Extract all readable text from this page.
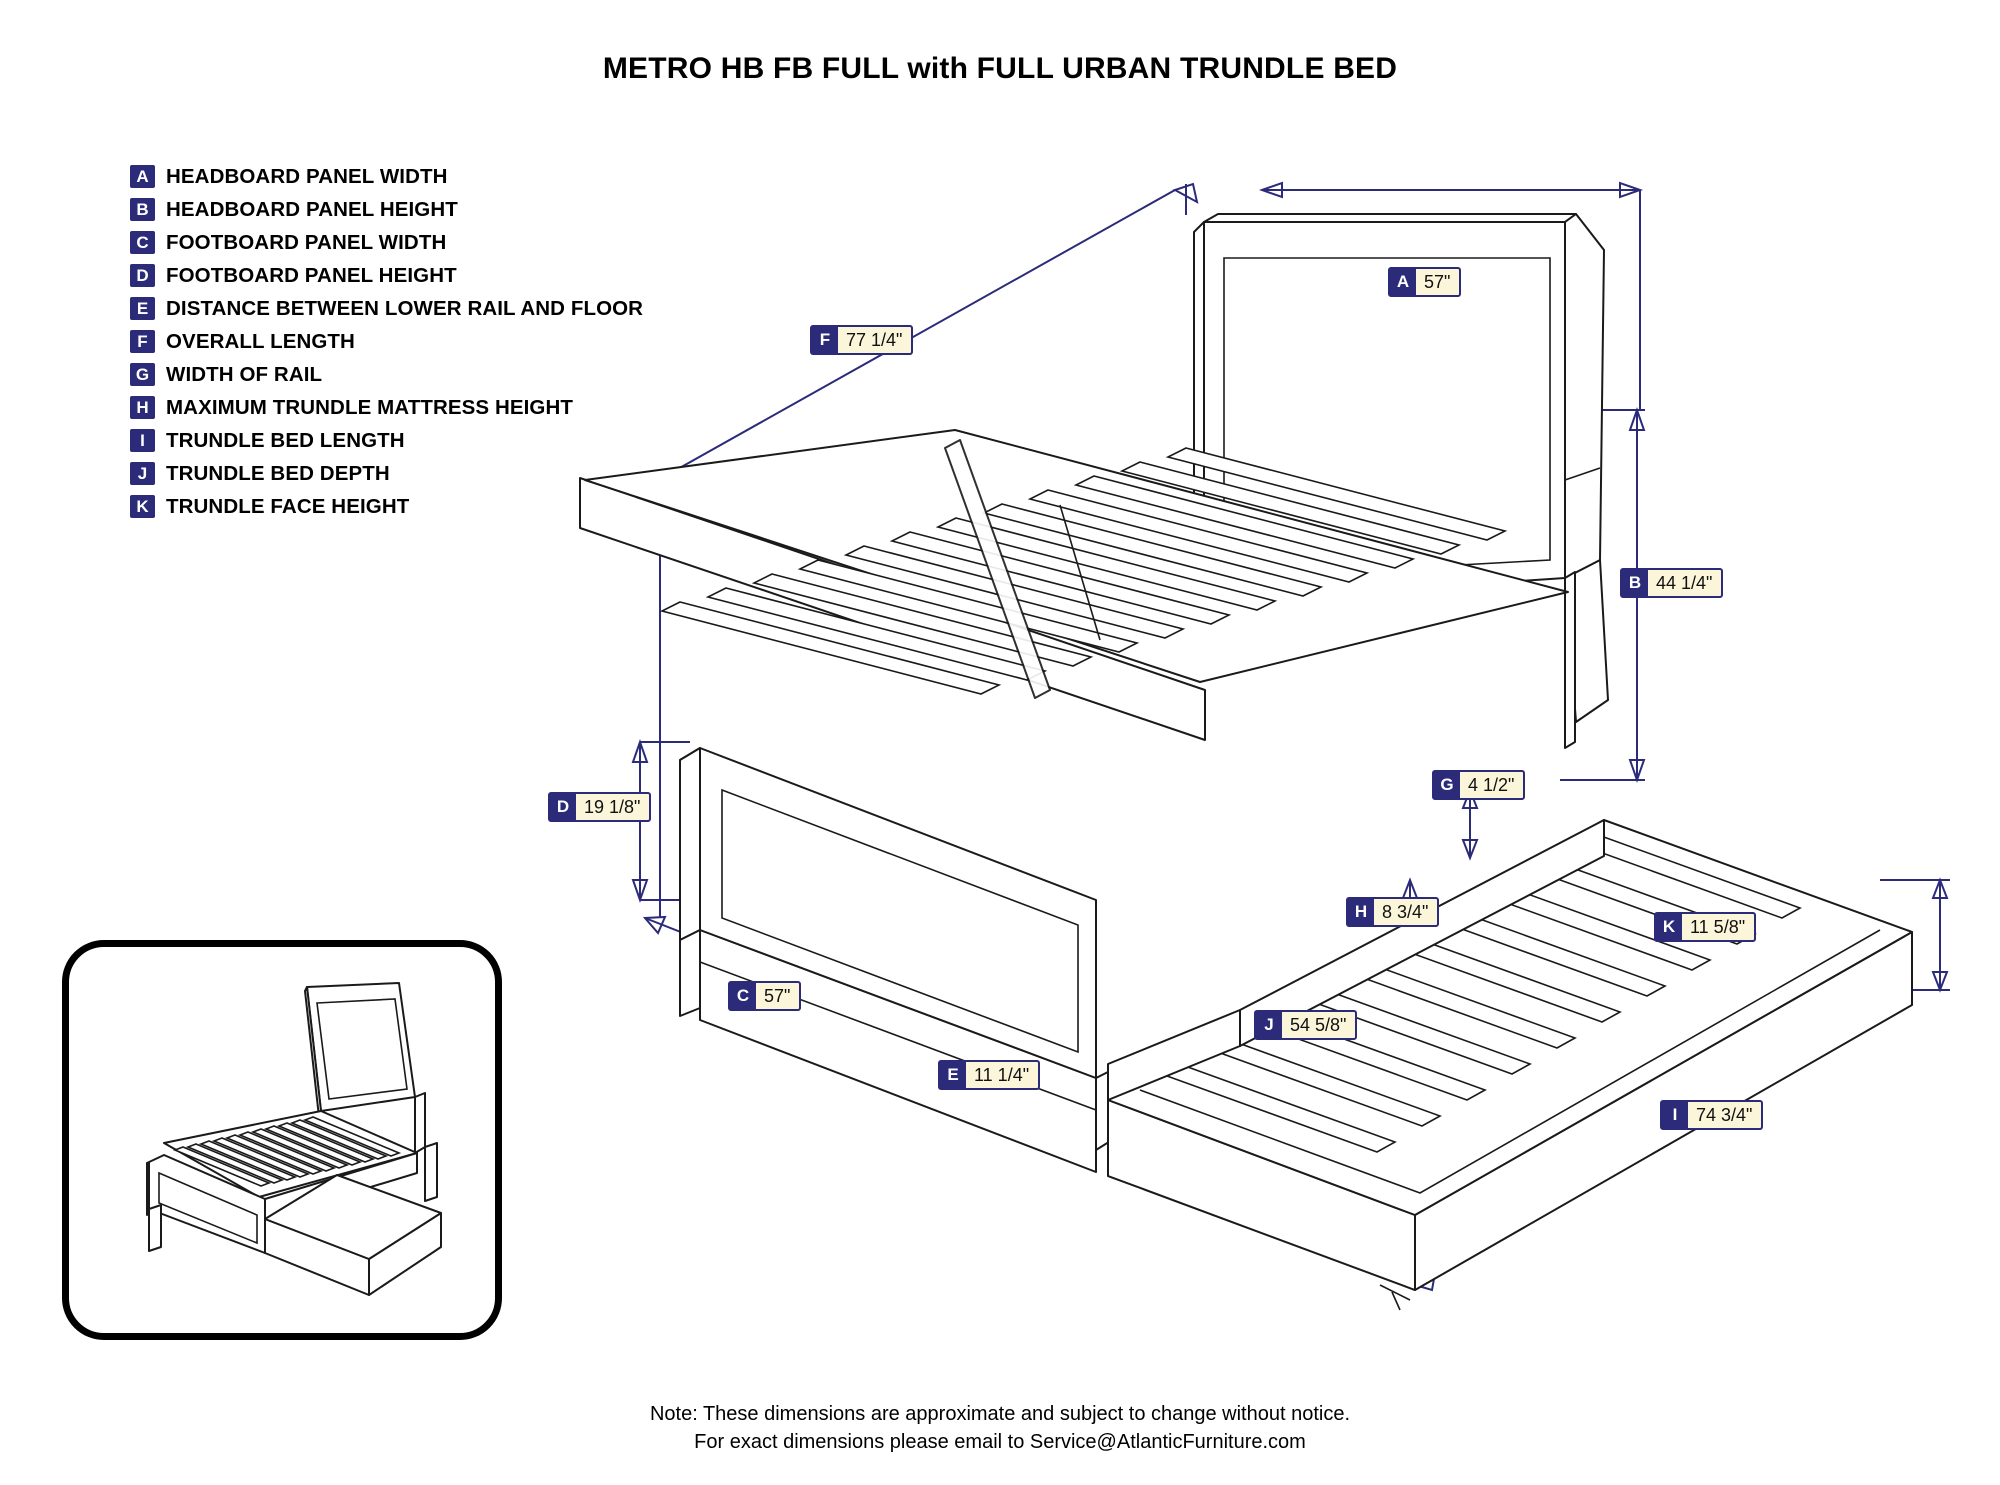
METRO HB FB FULL with FULL URBAN TRUNDLE BED
A HEADBOARD PANEL WIDTH
B HEADBOARD PANEL HEIGHT
C FOOTBOARD PANEL WIDTH
D FOOTBOARD PANEL HEIGHT
E DISTANCE BETWEEN LOWER RAIL AND FLOOR
F OVERALL LENGTH
G WIDTH OF RAIL
H MAXIMUM TRUNDLE MATTRESS HEIGHT
I	TRUNDLE BED LENGTH
J TRUNDLE BED DEPTH
K TRUNDLE FACE HEIGHT
A 57"
B 44 1/4"
C 57"
D 19 1/8"
E 11 1/4"
F 77 1/4"
G 4 1/2"
H 8 3/4"
K 11 5/8"
J 54 5/8"
I	74 3/4"
Note: These dimensions are approximate and subject to change without notice.
For exact dimensions please email to Service@AtlanticFurniture.com
